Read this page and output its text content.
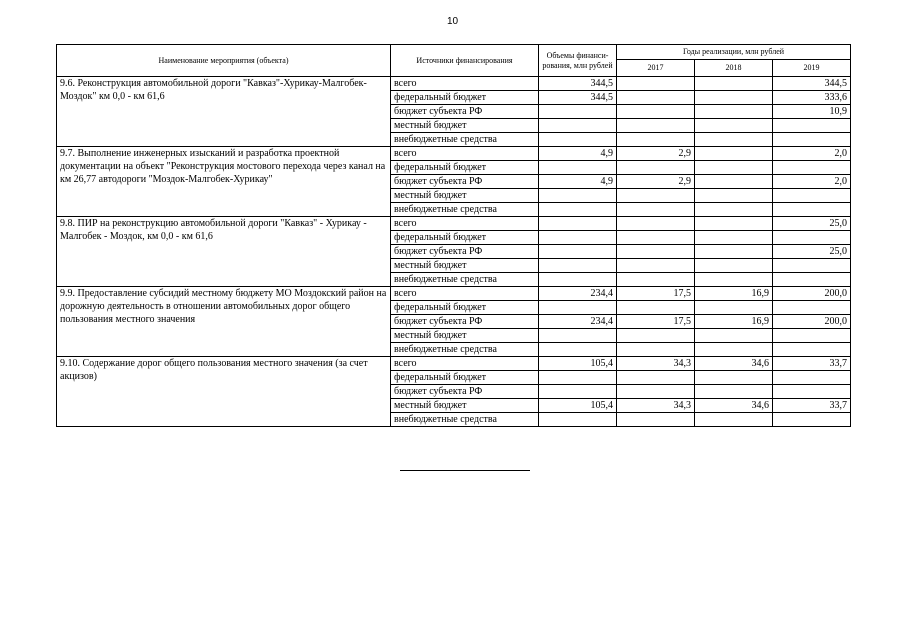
10
Наименование мероприятия (объекта)	Источники финансирования	Объемы финанси-рования, млн рублей	Годы реализации, млн рублей		
			2017	2018	2019
9.6. Реконструкция автомобильной дороги "Кавказ"-Хурикау-Малгобек-Моздок" км 0,0 - км 61,6	всего	344,5			344,5
	федеральный бюджет	344,5			333,6
	бюджет субъекта РФ				10,9
	местный бюджет				
	внебюджетные средства				
9.7. Выполнение инженерных изысканий и разработка проектной документации на объект "Реконструкция мостового перехода через канал на км 26,77 автодороги "Моздок-Малгобек-Хурикау"	всего	4,9	2,9		2,0
	федеральный бюджет				
	бюджет субъекта РФ	4,9	2,9		2,0
	местный бюджет				
	внебюджетные средства				
9.8. ПИР на реконструкцию автомобильной дороги "Кавказ" - Хурикау - Малгобек - Моздок, км 0,0 - км 61,6	всего				25,0
	федеральный бюджет				
	бюджет субъекта РФ				25,0
	местный бюджет				
	внебюджетные средства				
9.9. Предоставление субсидий местному бюджету МО Моздокский район на дорожную деятельность в отношении автомобильных дорог общего пользования местного значения	всего	234,4	17,5	16,9	200,0
	федеральный бюджет				
	бюджет субъекта РФ	234,4	17,5	16,9	200,0
	местный бюджет				
	внебюджетные средства				
9.10. Содержание дорог общего пользования местного значения (за счет акцизов)	всего	105,4	34,3	34,6	33,7
	федеральный бюджет				
	бюджет субъекта РФ				
	местный бюджет	105,4	34,3	34,6	33,7
	внебюджетные средства				
